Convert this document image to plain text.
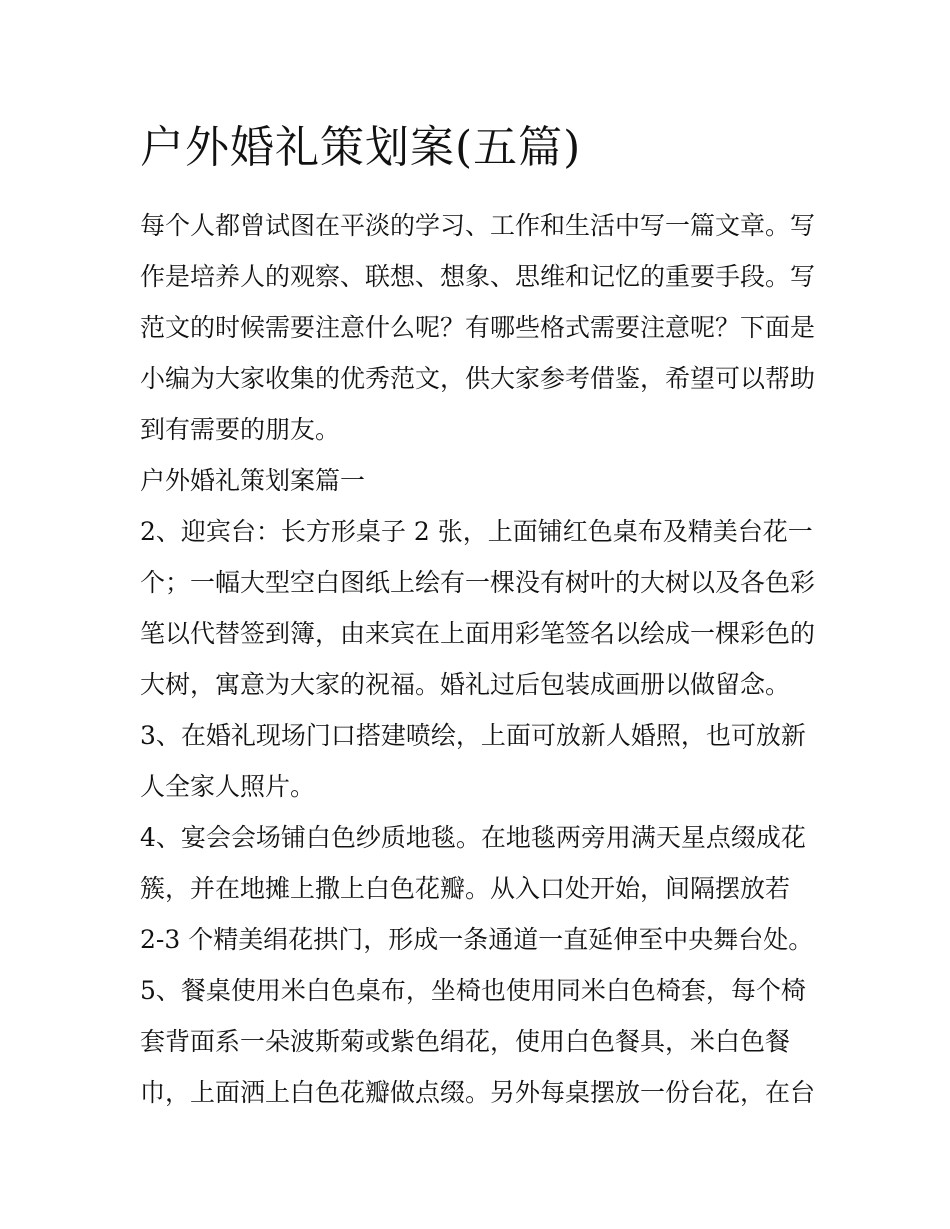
户外婚礼策划案(五篇)

每个人都曾试图在平淡的学习、工作和生活中写一篇文章。写

作是培养人的观察、联想、想象、思维和记忆的重要手段。写

范文的时候需要注意什么呢？有哪些格式需要注意呢？下面是

小编为大家收集的优秀范文，供大家参考借鉴，希望可以帮助

到有需要的朋友。

户外婚礼策划案篇一

2、迎宾台：长方形桌子 2 张，上面铺红色桌布及精美台花一

个；一幅大型空白图纸上绘有一棵没有树叶的大树以及各色彩

笔以代替签到簿，由来宾在上面用彩笔签名以绘成一棵彩色的

大树，寓意为大家的祝福。婚礼过后包装成画册以做留念。

3、在婚礼现场门口搭建喷绘，上面可放新人婚照，也可放新

人全家人照片。

4、宴会会场铺白色纱质地毯。在地毯两旁用满天星点缀成花

簇，并在地摊上撒上白色花瓣。从入口处开始，间隔摆放若

2-3 个精美绢花拱门，形成一条通道一直延伸至中央舞台处。

5、餐桌使用米白色桌布，坐椅也使用同米白色椅套，每个椅

套背面系一朵波斯菊或紫色绢花，使用白色餐具，米白色餐

巾，上面洒上白色花瓣做点缀。另外每桌摆放一份台花，在台
